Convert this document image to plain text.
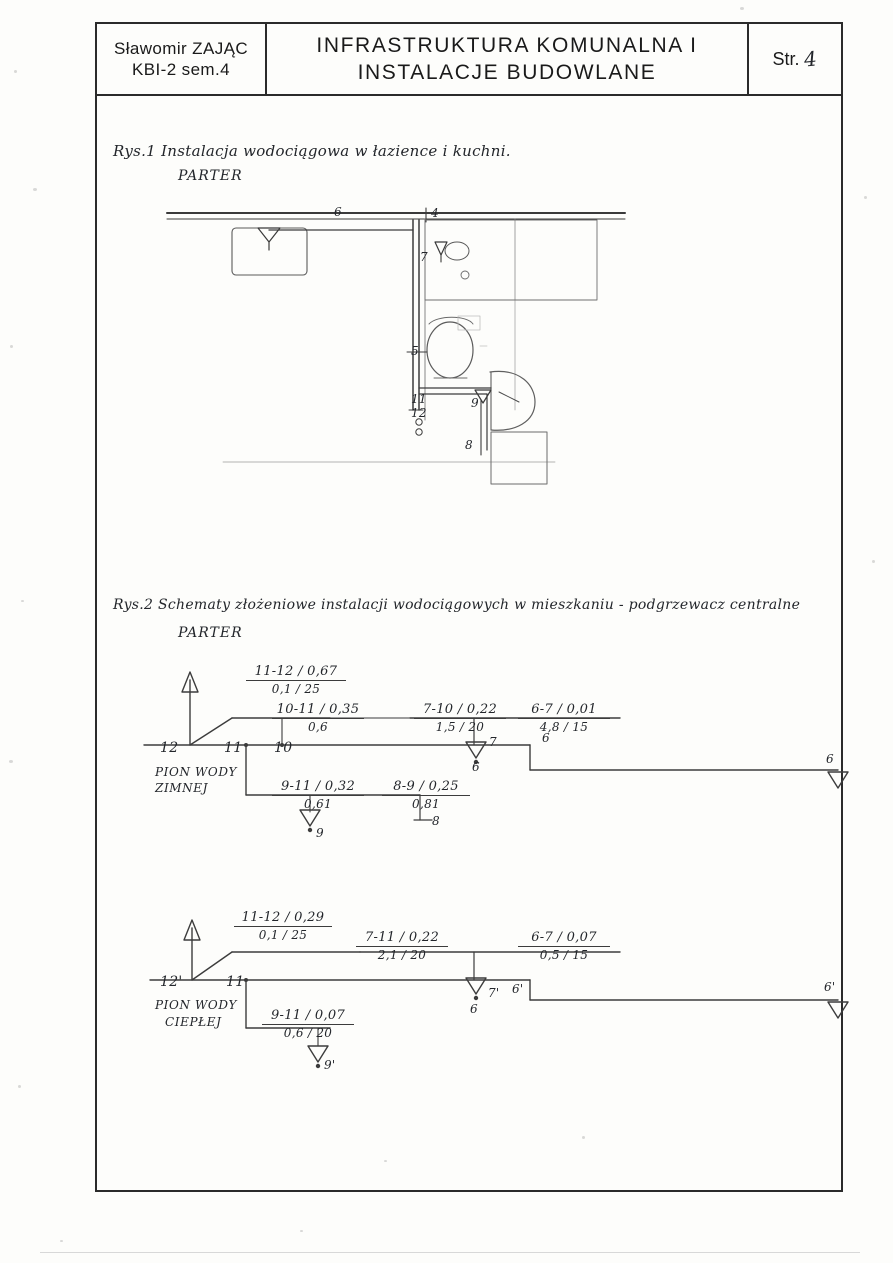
Sławomir ZAJĄC
KBI-2 sem.4
INFRASTRUKTURA KOMUNALNA I
INSTALACJE BUDOWLANE
Str. 4
Rys.1 Instalacja wodociągowa w łazience i kuchni.
PARTER
6
7
4
5
11
12
9
8
Rys.2 Schematy złożeniowe instalacji wodociągowych w mieszkaniu - podgrzewacz centralne
PARTER
11-12 / 0,67
0,1 / 25
10-11 / 0,35
0,6
7-10 / 0,22
1,5 / 20
6-7 / 0,01
4,8 / 15
9-11 / 0,32
0,61
8-9 / 0,25
0,81
12	11 10	7
6
6
6
9
8
PION WODY
ZIMNEJ
11-12 / 0,29
0,1 / 25	7-11 / 0,22
2,1 / 20
6-7 / 0,07
0,5 / 15
9-11 / 0,07
0,6 / 20
12'	11
7'
6
6'	6'
9'
PION WODY
CIEPŁEJ
